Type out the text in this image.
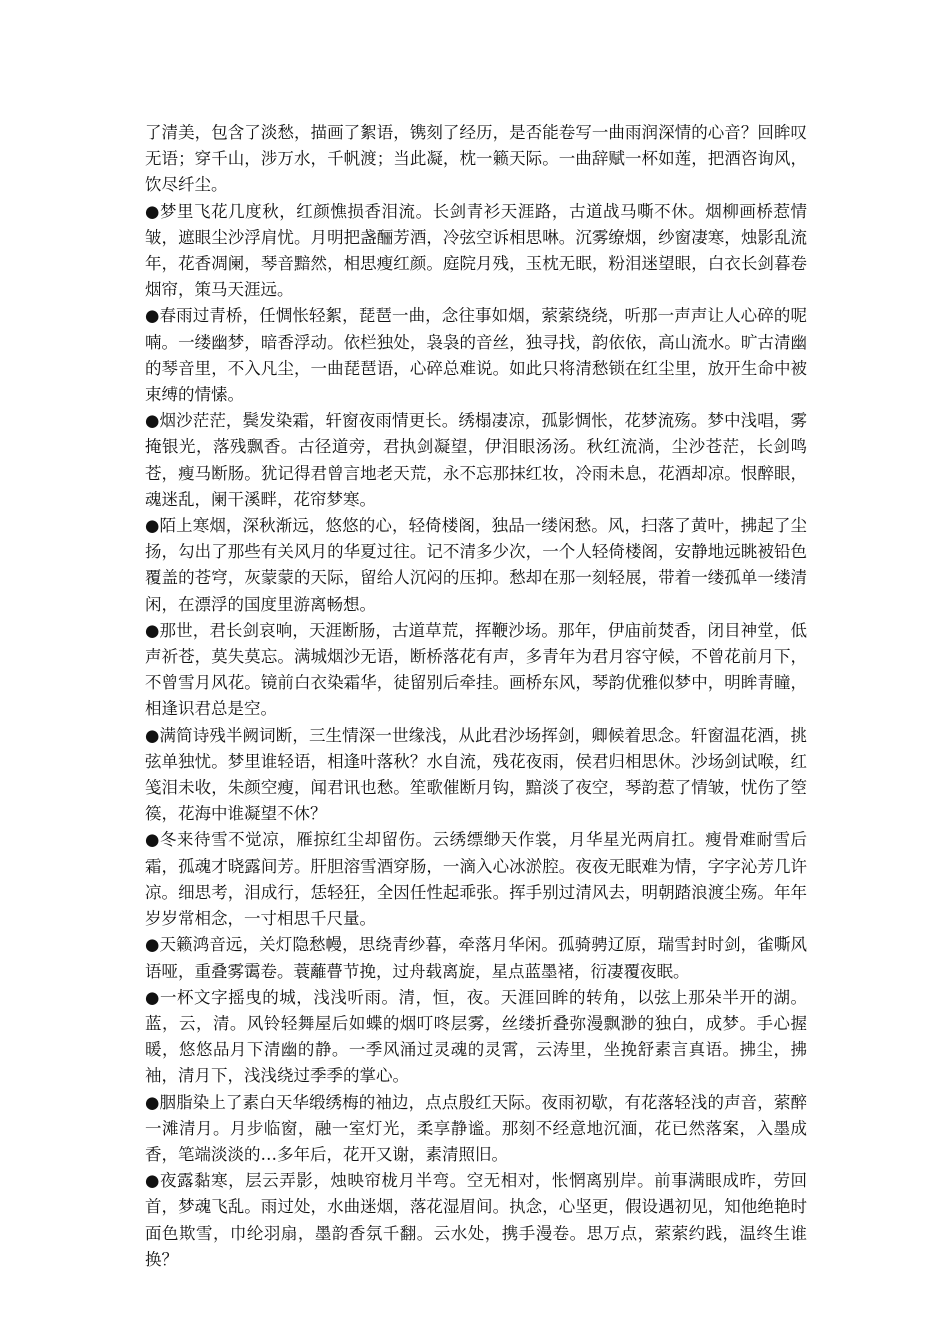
了清美，包含了淡愁，描画了絮语，镌刻了经历，是否能卷写一曲雨润深情的心音？回眸叹无语；穿千山，涉万水，千帆渡；当此凝，枕一籁天际。一曲辞赋一杯如莲，把酒咨询风，饮尽纤尘。

●梦里飞花几度秋，红颜憔损香泪流。长剑青衫天涯路，古道战马嘶不休。烟柳画桥惹情皱，遮眼尘沙浮肩忧。月明把盏酾芳酒，冷弦空诉相思啉。沉雾缭烟，纱窗凄寒，烛影乱流年，花香凋阑，琴音黯然，相思瘦红颜。庭院月残，玉枕无眠，粉泪迷望眼，白衣长剑暮卷烟帘，策马天涯远。

●春雨过青桥，任惆怅轻絮，琵琶一曲，念往事如烟，萦萦绕绕，听那一声声让人心碎的呢喃。一缕幽梦，暗香浮动。依栏独处，袅袅的音丝，独寻找，韵依依，高山流水。旷古清幽的琴音里，不入凡尘，一曲琵琶语，心碎总难说。如此只将清愁锁在红尘里，放开生命中被束缚的情愫。

●烟沙茫茫，鬓发染霜，轩窗夜雨情更长。绣榻凄凉，孤影惆怅，花梦流殇。梦中浅唱，雾掩银光，落残飘香。古径道旁，君执剑凝望，伊泪眼汤汤。秋红流淌，尘沙苍茫，长剑鸣苍，瘦马断肠。犹记得君曾言地老天荒，永不忘那抹红妆，冷雨未息，花酒却凉。恨醉眼，魂迷乱，阑干溪畔，花帘梦寒。

●陌上寒烟，深秋渐远，悠悠的心，轻倚楼阁，独品一缕闲愁。风，扫落了黄叶，拂起了尘扬，勾出了那些有关风月的华夏过往。记不清多少次，一个人轻倚楼阁，安静地远眺被铅色覆盖的苍穹，灰蒙蒙的天际，留给人沉闷的压抑。愁却在那一刻轻展，带着一缕孤单一缕清闲，在漂浮的国度里游离畅想。

●那世，君长剑哀响，天涯断肠，古道草荒，挥鞭沙场。那年，伊庙前焚香，闭目神堂，低声祈苍，莫失莫忘。满城烟沙无语，断桥落花有声，多青年为君月容守候，不曾花前月下，不曾雪月风花。镜前白衣染霜华，徒留别后牵挂。画桥东风，琴韵优雅似梦中，明眸青瞳，相逢识君总是空。

●满简诗残半阙词断，三生情深一世缘浅，从此君沙场挥剑，卿候着思念。轩窗温花酒，挑弦单独忧。梦里谁轻语，相逢叶落秋？水自流，残花夜雨，侯君归相思休。沙场剑试喉，红笺泪未收，朱颜空瘦，闻君讯也愁。笙歌催断月钩，黯淡了夜空，琴韵惹了情皱，忧伤了箜篌，花海中谁凝望不休？

●冬来待雪不觉凉，雁掠红尘却留伤。云绣缥缈天作裳，月华星光两肩扛。瘦骨难耐雪后霜，孤魂才晓露间芳。肝胆溶雪酒穿肠，一滴入心冰淤腔。夜夜无眠难为情，字字沁芳几许凉。细思考，泪成行，恁轻狂，全因任性起乖张。挥手别过清风去，明朝踏浪渡尘殇。年年岁岁常相念，一寸相思千尺量。

●天籁鸿音远，关灯隐愁幔，思绕青纱暮，牵落月华闲。孤骑骋辽原，瑞雪封时剑，雀嘶风语哑，重叠雾霭卷。蓑蘺瞢节挽，过舟载离旋，星点蓝墨褚，衍凄覆夜眠。

●一杯文字摇曳的城，浅浅听雨。清，恒，夜。天涯回眸的转角，以弦上那朵半开的湖。蓝，云，清。风铃轻舞屋后如蝶的烟叮咚层雾，丝缕折叠弥漫飘渺的独白，成梦。手心握暖，悠悠品月下清幽的静。一季风涌过灵魂的灵霄，云涛里，坐挽舒素言真语。拂尘，拂袖，清月下，浅浅绕过季季的掌心。

●胭脂染上了素白天华缎绣梅的袖边，点点殷红天际。夜雨初歇，有花落轻浅的声音，萦醉一滩清月。月步临窗，融一室灯光，柔享静谧。那刻不经意地沉湎，花已然落案，入墨成香，笔端淡淡的…多年后，花开又谢，素清照旧。

●夜露黏寒，层云弄影，烛映帘栊月半弯。空无相对，怅惘离别岸。前事满眼成昨，劳回首，梦魂飞乱。雨过处，水曲迷烟，落花湿眉间。执念，心坚更，假设遇初见，知他绝艳时面色欺雪，巾纶羽扇，墨韵香氛千翻。云水处，携手漫卷。思万点，萦萦约践，温终生谁换？
